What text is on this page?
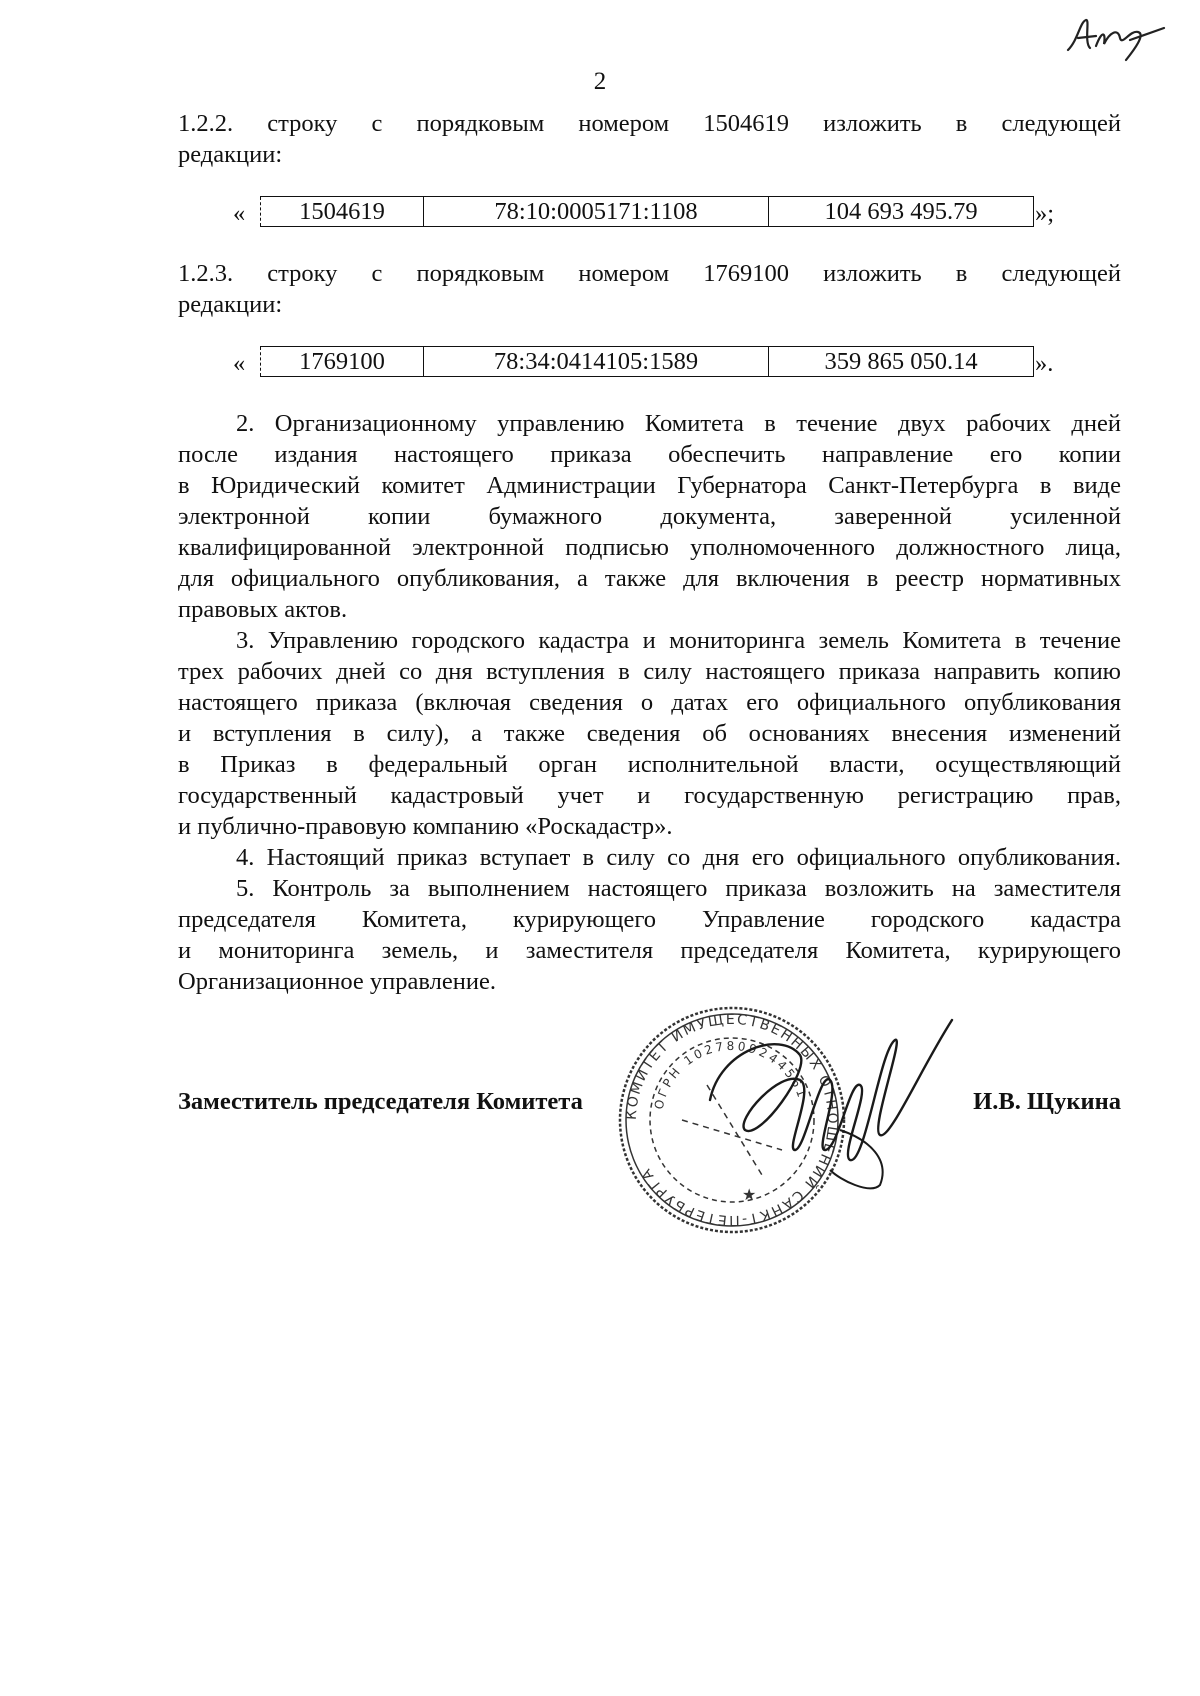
2

1.2.2. строку с порядковым номером 1504619 изложить в следующей

редакции:

« 1504619	78:10:0005171:1108	104 693 495.79 »;

1.2.3. строку с порядковым номером 1769100 изложить в следующей

редакции:

« 1769100	78:34:0414105:1589	359 865 050.14 ».

2. Организационному управлению Комитета в течение двух рабочих дней

после издания настоящего приказа обеспечить направление его копии

в Юридический комитет Администрации Губернатора Санкт-Петербурга в виде

электронной копии бумажного документа, заверенной усиленной

квалифицированной электронной подписью уполномоченного должностного лица,

для официального опубликования, а также для включения в реестр нормативных

правовых актов.

3. Управлению городского кадастра и мониторинга земель Комитета в течение

трех рабочих дней со дня вступления в силу настоящего приказа направить копию

настоящего приказа (включая сведения о датах его официального опубликования

и вступления в силу), а также сведения об основаниях внесения изменений

в Приказ в федеральный орган исполнительной власти, осуществляющий

государственный кадастровый учет и государственную регистрацию прав,

и публично-правовую компанию «Роскадастр».

4. Настоящий приказ вступает в силу со дня его официального опубликования.

5. Контроль за выполнением настоящего приказа возложить на заместителя

председателя Комитета, курирующего Управление городского кадастра

и мониторинга земель, и заместителя председателя Комитета, курирующего

Организационное управление.

КОМИТЕТ ИМУЩЕСТВЕННЫХ ОТНОШЕНИЙ САНКТ-ПЕТЕРБУРГА
ОГРН 1027809244561
★
Заместитель председателя Комитета	И.В. Щукина
